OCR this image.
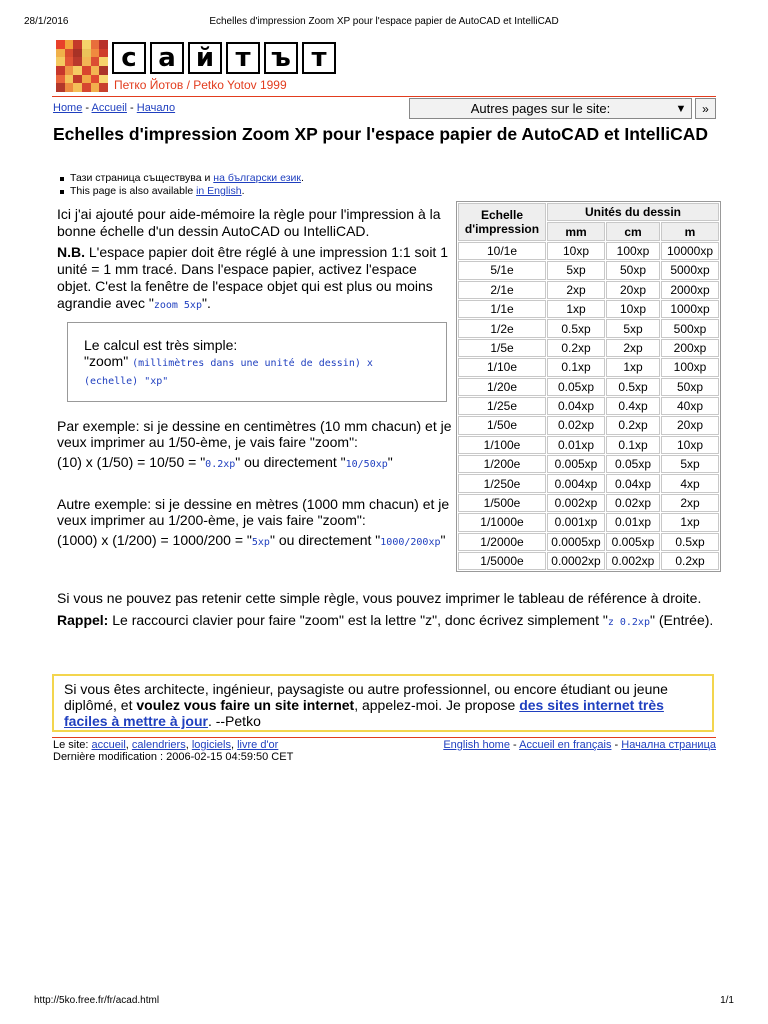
28/1/2016	Echelles d'impression Zoom XP pour l'espace papier de AutoCAD et IntelliCAD
с а й т ъ т
Петко Йотов / Petko Yotov 1999
Home - Accueil - Начало	Autres pages sur le site:	▼	»
Echelles d'impression Zoom XP pour l'espace papier de AutoCAD et IntelliCAD
Тази страница съществува и на български език.
This page is also available in English.

Ici j'ai ajouté pour aide-mémoire la règle pour l'impression à la bonne échelle d'un dessin AutoCAD ou IntelliCAD.

N.B. L'espace papier doit être réglé à une impression 1:1 soit 1 unité = 1 mm tracé. Dans l'espace papier, activez l'espace objet. C'est la fenêtre de l'espace objet qui est plus ou moins agrandie avec "zoom 5xp".

Le calcul est très simple:
"zoom" (millimètres dans une unité de dessin) x (echelle) "xp"

Par exemple: si je dessine en centimètres (10 mm chacun) et je veux imprimer au 1/50-ème, je vais faire "zoom":

(10) x (1/50) = 10/50 = "0.2xp" ou directement "10/50xp"

Autre exemple: si je dessine en mètres (1000 mm chacun) et je veux imprimer au 1/200-ème, je vais faire "zoom":

(1000) x (1/200) = 1000/200 = "5xp" ou directement "1000/200xp"

Echelle d'impression	Unités du dessin		
	mm	cm	m
10/1e	10xp	100xp	10000xp
5/1e	5xp	50xp	5000xp
2/1e	2xp	20xp	2000xp
1/1e	1xp	10xp	1000xp
1/2e	0.5xp	5xp	500xp
1/5e	0.2xp	2xp	200xp
1/10e	0.1xp	1xp	100xp
1/20e	0.05xp	0.5xp	50xp
1/25e	0.04xp	0.4xp	40xp
1/50e	0.02xp	0.2xp	20xp
1/100e	0.01xp	0.1xp	10xp
1/200e	0.005xp	0.05xp	5xp
1/250e	0.004xp	0.04xp	4xp
1/500e	0.002xp	0.02xp	2xp
1/1000e	0.001xp	0.01xp	1xp
1/2000e	0.0005xp	0.005xp	0.5xp
1/5000e	0.0002xp	0.002xp	0.2xp

Si vous ne pouvez pas retenir cette simple règle, vous pouvez imprimer le tableau de référence à droite.

Rappel: Le raccourci clavier pour faire "zoom" est la lettre "z", donc écrivez simplement "z 0.2xp" (Entrée).

Si vous êtes architecte, ingénieur, paysagiste ou autre professionnel, ou encore étudiant ou jeune diplômé, et voulez vous faire un site internet, appelez-moi. Je propose des sites internet très faciles à mettre à jour. --Petko
Le site: accueil, calendriers, logiciels, livre d'or
Dernière modification : 2006-02-15 04:59:50 CET
English home - Accueil en français - Начална страница
http://5ko.free.fr/fr/acad.html	1/1
